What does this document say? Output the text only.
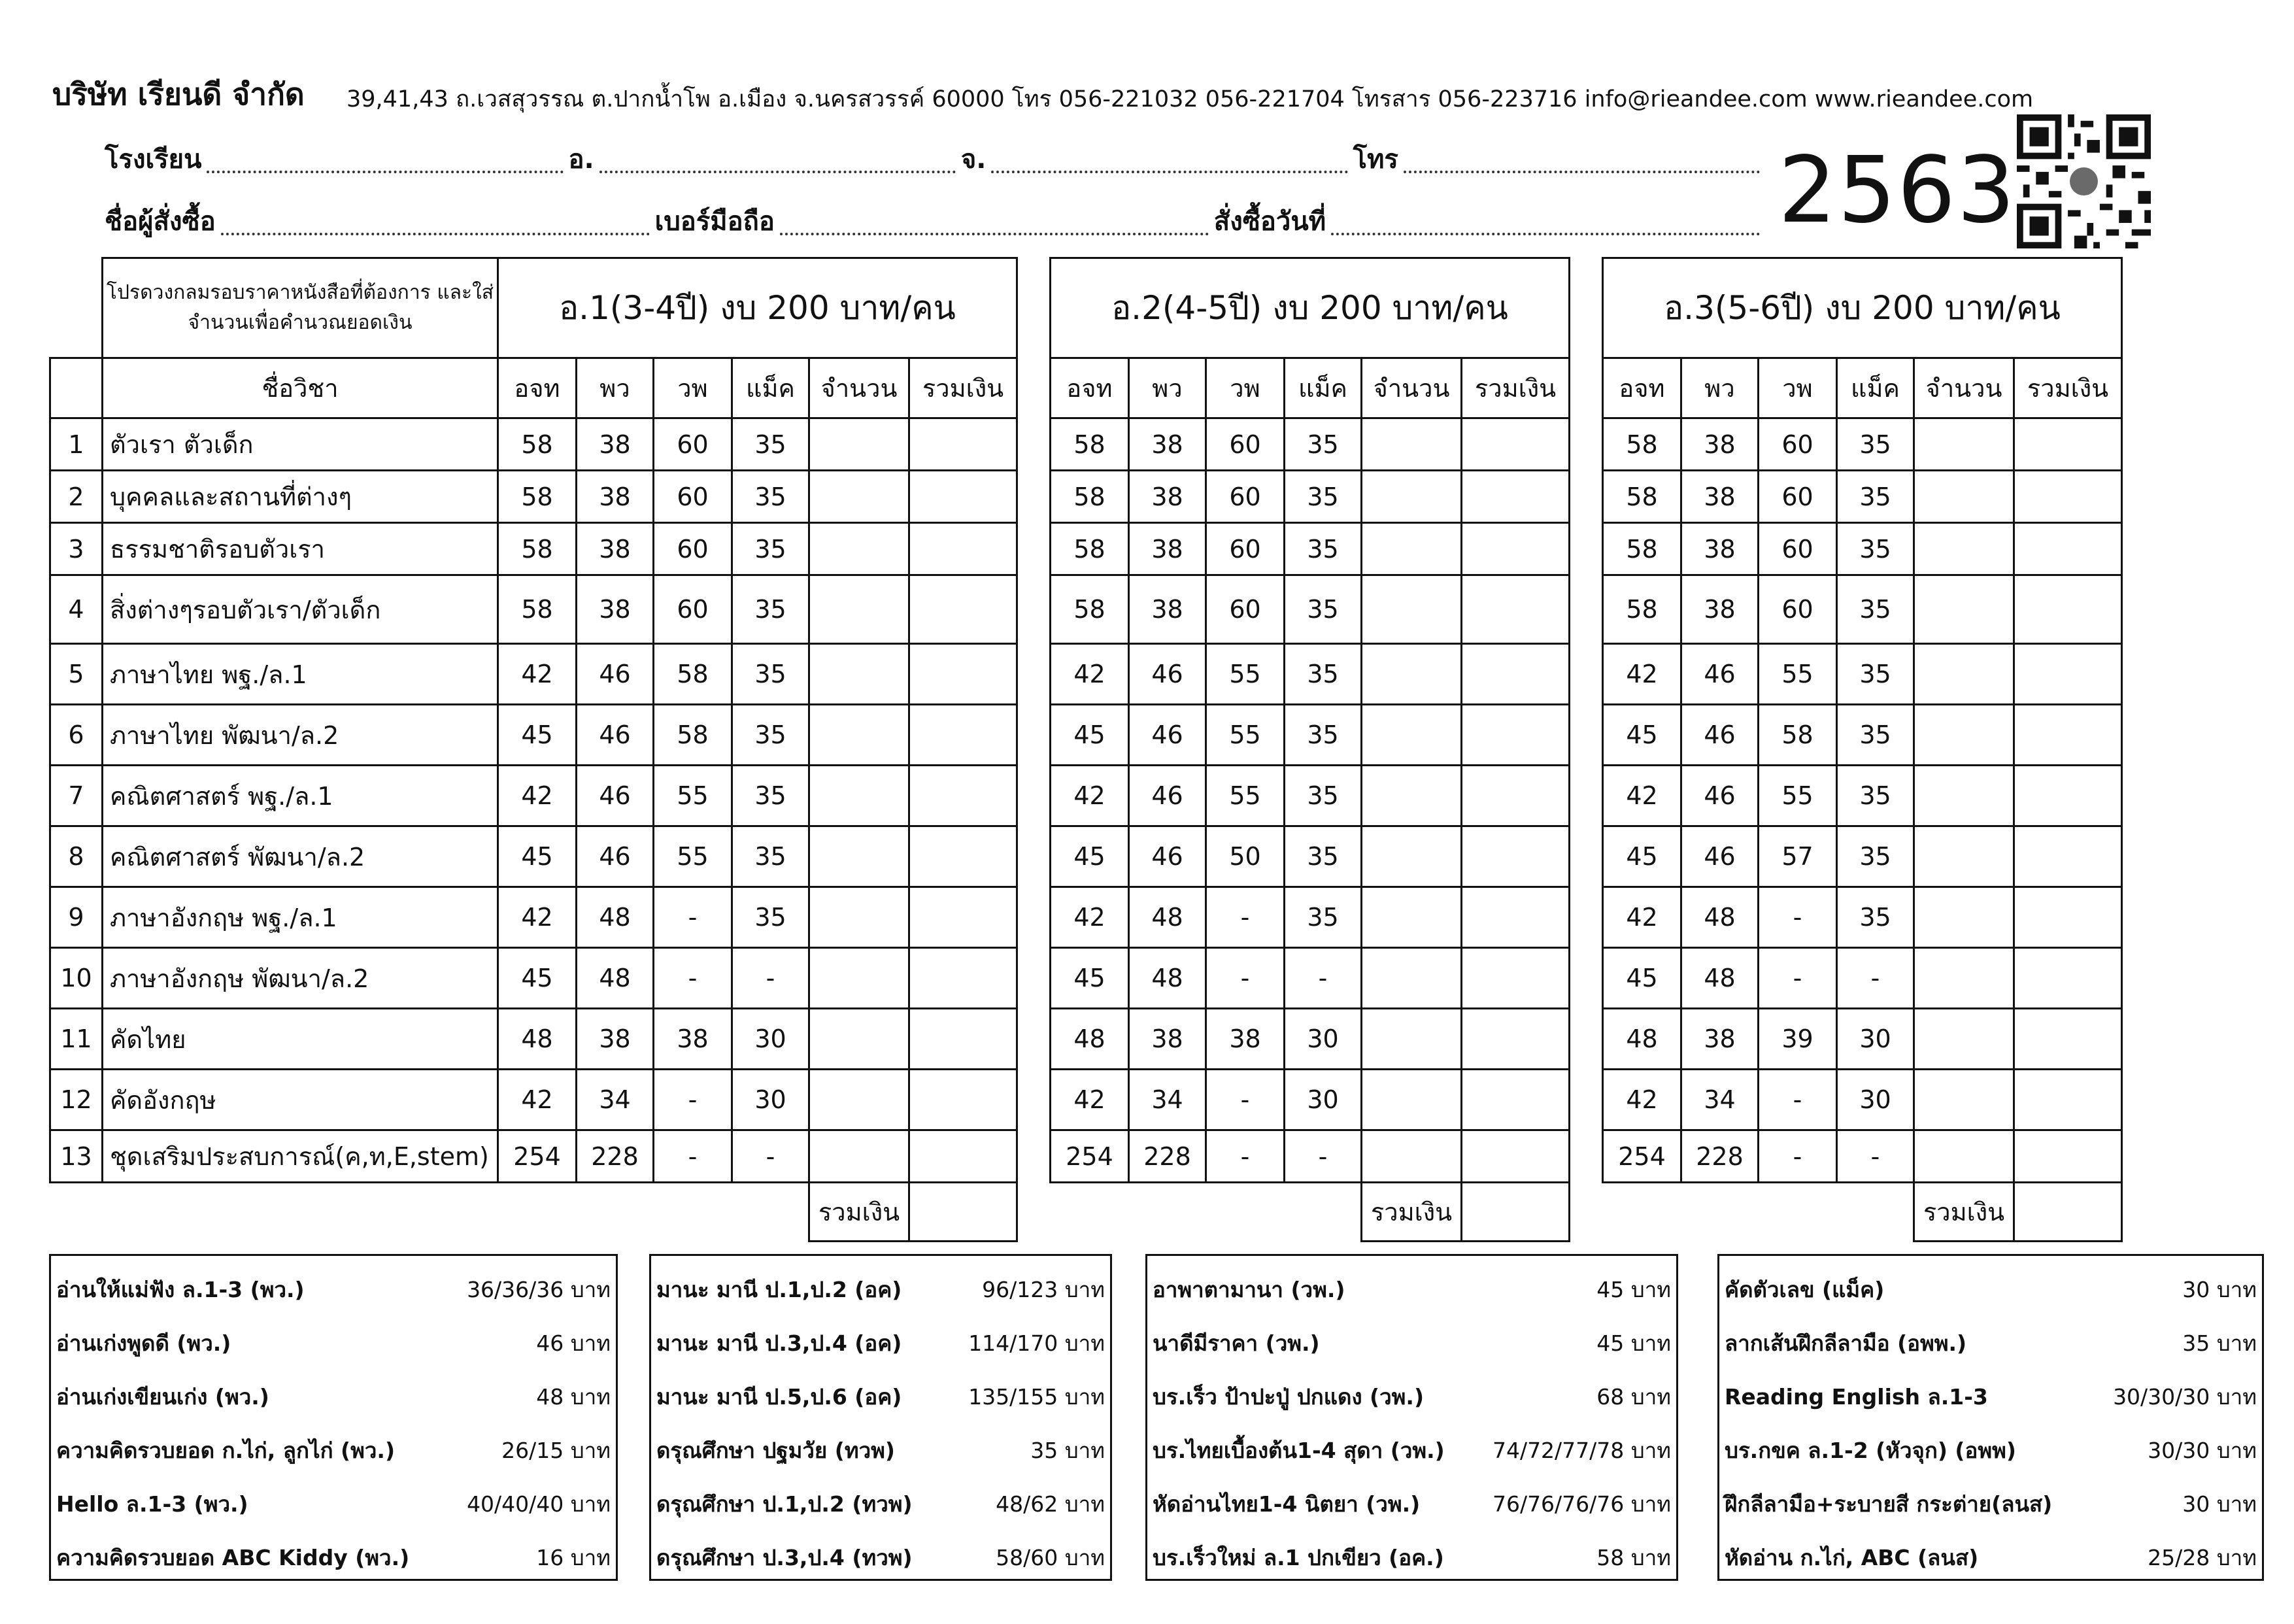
บริษัท เรียนดี จำกัด 39,41,43 ถ.เวสสุวรรณ ต.ปากน้ำโพ อ.เมือง จ.นครสวรรค์ 60000 โทร 056-221032 056-221704 โทรสาร 056-223716 info@rieandee.com www.rieandee.com
โรงเรียน	อ.	จ.	โทร
ชื่อผู้สั่งซื้อ	เบอร์มือถือ	สั่งซื้อวันที่	2563
	โปรดวงกลมรอบราคาหนังสือที่ต้องการ และใส่จำนวนเพื่อคำนวณยอดเงิน	อ.1(3-4ปี) งบ 200 บาท/คน					
	ชื่อวิชา	อจท	พว	วพ	แม็ค	จำนวน	รวมเงิน
1	ตัวเรา ตัวเด็ก	58	38	60	35		
2	บุคคลและสถานที่ต่างๆ	58	38	60	35		
3	ธรรมชาติรอบตัวเรา	58	38	60	35		
4	สิ่งต่างๆรอบตัวเรา/ตัวเด็ก	58	38	60	35		
5	ภาษาไทย พฐ./ล.1	42	46	58	35		
6	ภาษาไทย พัฒนา/ล.2	45	46	58	35		
7	คณิตศาสตร์ พฐ./ล.1	42	46	55	35		
8	คณิตศาสตร์ พัฒนา/ล.2	45	46	55	35		
9	ภาษาอังกฤษ พฐ./ล.1	42	48	-	35		
10	ภาษาอังกฤษ พัฒนา/ล.2	45	48	-	-		
11	คัดไทย	48	38	38	30		
12	คัดอังกฤษ	42	34	-	30		
13	ชุดเสริมประสบการณ์(ค,ท,E,stem)	254	228	-	-		
						รวมเงิน	
อ.2(4-5ปี) งบ 200 บาท/คน					
อจท	พว	วพ	แม็ค	จำนวน	รวมเงิน
58	38	60	35		
58	38	60	35		
58	38	60	35		
58	38	60	35		
42	46	55	35		
45	46	55	35		
42	46	55	35		
45	46	50	35		
42	48	-	35		
45	48	-	-		
48	38	38	30		
42	34	-	30		
254	228	-	-		
				รวมเงิน	
อ.3(5-6ปี) งบ 200 บาท/คน					
อจท	พว	วพ	แม็ค	จำนวน	รวมเงิน
58	38	60	35		
58	38	60	35		
58	38	60	35		
58	38	60	35		
42	46	55	35		
45	46	58	35		
42	46	55	35		
45	46	57	35		
42	48	-	35		
45	48	-	-		
48	38	39	30		
42	34	-	30		
254	228	-	-		
				รวมเงิน	
อ่านให้แม่ฟัง ล.1-3 (พว.)	36/36/36 บาท
อ่านเก่งพูดดี (พว.)	46 บาท
อ่านเก่งเขียนเก่ง (พว.)	48 บาท
ความคิดรวบยอด ก.ไก่, ลูกไก่ (พว.)	26/15 บาท
Hello ล.1-3 (พว.)	40/40/40 บาท
ความคิดรวบยอด ABC Kiddy (พว.)	16 บาท
มานะ มานี ป.1,ป.2 (อค)	96/123 บาท
มานะ มานี ป.3,ป.4 (อค)	114/170 บาท
มานะ มานี ป.5,ป.6 (อค)	135/155 บาท
ดรุณศึกษา ปฐมวัย (ทวพ)	35 บาท
ดรุณศึกษา ป.1,ป.2 (ทวพ)	48/62 บาท
ดรุณศึกษา ป.3,ป.4 (ทวพ)	58/60 บาท
อาพาตามานา (วพ.)	45 บาท
นาดีมีราคา (วพ.)	45 บาท
บร.เร็ว ป้าปะปู่ ปกแดง (วพ.)	68 บาท
บร.ไทยเบื้องต้น1-4 สุดา (วพ.) 74/72/77/78 บาท
หัดอ่านไทย1-4 นิตยา (วพ.)	76/76/76/76 บาท
บร.เร็วใหม่ ล.1 ปกเขียว (อค.)	58 บาท
คัดตัวเลข (แม็ค)	30 บาท
ลากเส้นฝึกลีลามือ (อพพ.)	35 บาท
Reading English ล.1-3	30/30/30 บาท
บร.กขค ล.1-2 (หัวจุก) (อพพ)	30/30 บาท
ฝึกลีลามือ+ระบายสี กระต่าย(ลนส)	30 บาท
หัดอ่าน ก.ไก่, ABC (ลนส)	25/28 บาท
